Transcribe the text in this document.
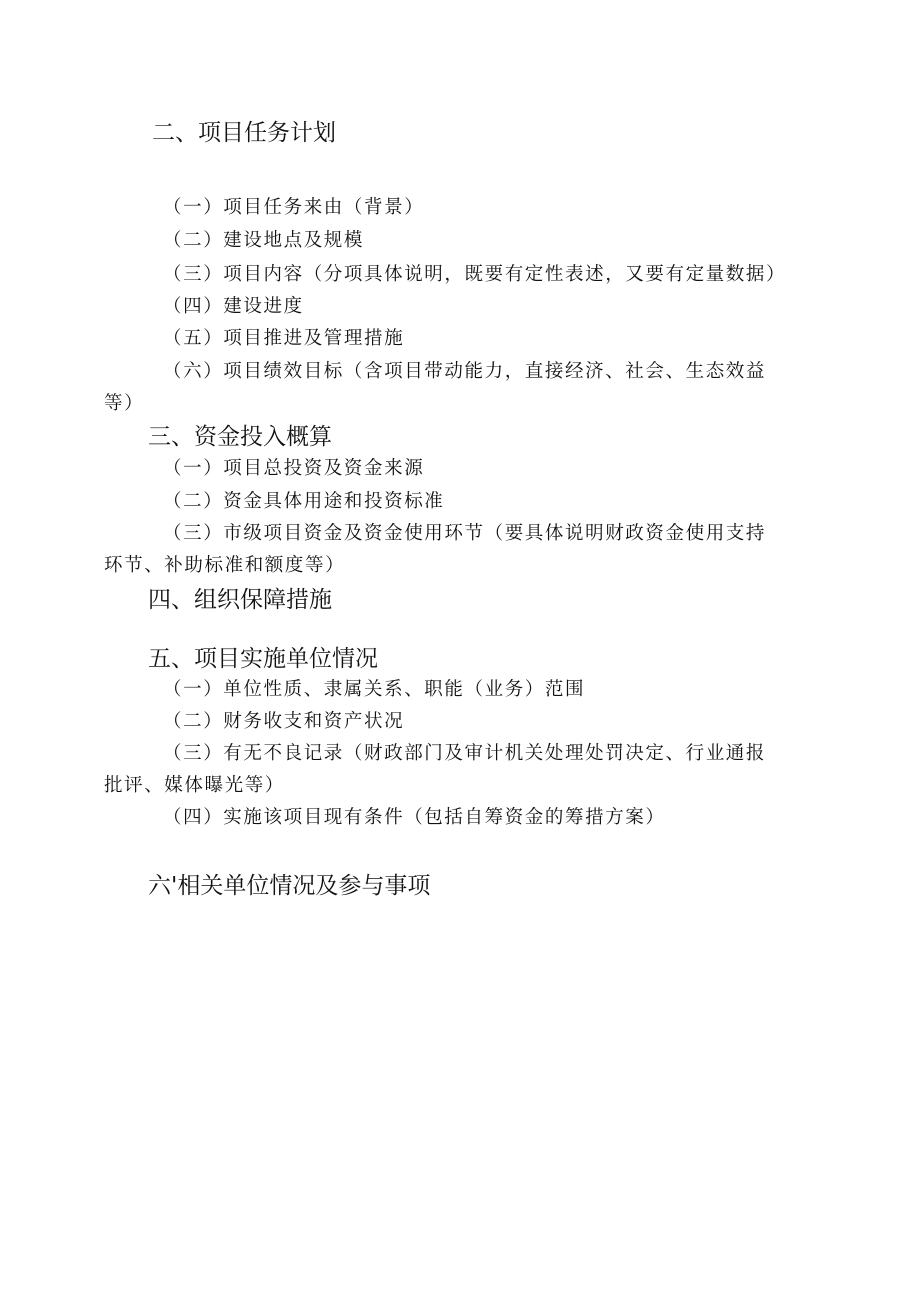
二、项目任务计划
（一）项目任务来由（背景）
（二）建设地点及规模
（三）项目内容（分项具体说明，既要有定性表述，又要有定量数据）
（四）建设进度
（五）项目推进及管理措施
（六）项目绩效目标（含项目带动能力，直接经济、社会、生态效益
等）
三、资金投入概算
（一）项目总投资及资金来源
（二）资金具体用途和投资标准
（三）市级项目资金及资金使用环节（要具体说明财政资金使用支持
环节、补助标准和额度等）
四、组织保障措施
五、项目实施单位情况
（一）单位性质、隶属关系、职能（业务）范围
（二）财务收支和资产状况
（三）有无不良记录（财政部门及审计机关处理处罚决定、行业通报
批评、媒体曝光等）
（四）实施该项目现有条件（包括自筹资金的筹措方案）
六'相关单位情况及参与事项
